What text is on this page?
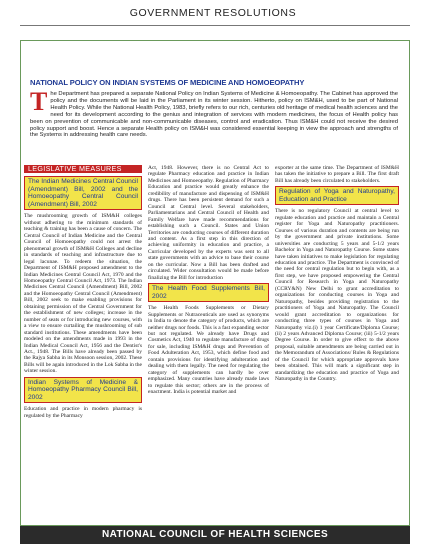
GOVERNMENT RESOLUTIONS
NATIONAL POLICY ON INDIAN SYSTEMS OF MEDICINE AND HOMOEOPATHY
The Department has prepared a separate National Policy on Indian Systems of Medicine & Homoeopathy. The Cabinet has approved the policy and the documents will be laid in the Parliament in its winter session. Hitherto, policy on ISM&H, used to be part of National Health Policy. While the National Health Policy, 1983, briefly refers to our rich, centuries old heritage of medical health sciences and the need for its development according to the genius and integration of services with modern medicines, the focus of Health policy has been on prevention of communicable and non-communicable diseases, control and eradication. Thus ISM&H could not receive the desired policy support and boost. Hence a separate Health policy on ISM&H was considered essential keeping in view the approach and strengths of the Systems in addressing health care needs.
LEGISLATIVE MEASURES
The Indian Medicines Central Council (Amendment) Bill, 2002 and the Homoeopathy Central Council (Amendment) Bill, 2002

The mushrooming growth of ISM&H colleges without adhering to the minimum standards of teaching & training has been a cause of concern. The Central Council of Indian Medicine and the Central Council of Homoeopathy could not arrest the phenomenal growth of ISM&H Colleges and decline in standards of teaching and infrastructure due to legal lacunae. To redeem the situation, the Department of ISM&H proposed amendment to the Indian Medicines Central Council Act, 1970 and the Homoeopathy Central Council Act, 1973. The Indian Medicines Central Council (Amendment) Bill, 2002 and the Homoeopathy Central Council (Amendment) Bill, 2002 seek to make enabling provisions for obtaining permission of the Central Government for the establishment of new colleges; increase in the number of seats or for introducing new courses, with a view to ensure curtailing the mushrooming of sub standard institutions. These amendments have been modeled on the amendments made in 1993 in the Indian Medical Council Act, 1956 and the Dentist's Act., 1948. The Bills have already been passed by the Rajya Sabha in its Monsoon session, 2002. These Bills will be again introduced in the Lok Sabha in the winter session.

Indian Systems of Medicine & Homoeopathy Pharmacy Council Bill, 2002

Education and practice in modern pharmacy is regulated by the Pharmacy

Act, 1948. However, there is no Central Act to regulate Pharmacy education and practice in Indian Medicines and Homoeopathy. Regulation of Pharmacy Education and practice would greatly enhance the credibility of manufacture and dispensing of ISM&H drugs. There has been persistent demand for such a Council at Central level. Several stakeholders, Parliamentarians and Central Council of Health and Family Welfare have made recommendations for establishing such a Council. States and Union Territories are conducting courses of different duration and content. As a first step in this direction of achieving uniformity in education and practice, a Curricular developed by the experts was sent to all state governments with an advice to base their course on the curricular. Now a Bill has been drafted and circulated. Wider consultation would be made before finalizing the Bill for introduction

The Health Food Supplements Bill, 2002

The Health Foods Supplements or Dietary Supplements or Nutraceuticals are used as synonyms in India to denote the category of products, which are neither drugs nor foods. This is a fast expanding sector but not regulated. We already have Drugs and Cosmetics Act, 1940 to regulate manufacture of drugs for sale, including ISM&H drugs and Prevention of Food Adulteration Act, 1953, which define food and contain provisions for identifying adulteration and dealing with them legally. The need for regulating the category of supplements can hardly be over emphasized. Many countries have already made laws to regulate this sector; others are in the process of enactment. India is potential market and

exporter at the same time. The Department of ISM&H has taken the initiative to prepare a Bill. The first draft Bill has already been circulated to stakeholders.

Regulation of Yoga and Naturopathy, Education and Practice

There is no regulatory Council at central level to regulate education and practice and maintain a Central register for Yoga and Naturopathy practitioners. Courses of various duration and contents are being run by the government and private institutions. Some universities are conducting 5 years and 5-1/2 years Bachelor in Yoga and Naturopathy Course. Some states have taken initiatives to make legislation for regulating education and practice. The Department is convinced of the need for central regulation but to begin with, as a first step, we have proposed empowering the Central Council for Research in Yoga and Naturopathy (CCRY&N) New Delhi to grant accreditation to organizations for conducting courses in Yoga and Naturopathy, besides providing registration to the practitioners of Yoga and Naturopathy. The Council would grant accreditation to organizations for conducting three types of courses in Yoga and Naturopathy viz.(i) 1 year Certificate/Diploma Course; (ii) 2 years Advanced Diploma Course; (iii) 5-1/2 years Degree Course. In order to give effect to the above proposal, suitable amendments are being carried out in the Memorandum of Associations/ Rules & Regulations of the Council for which appropriate approvals have been obtained. This will mark a significant step in standardizing the education and practice of Yoga and Naturopathy in the Country.

NATIONAL COUNCIL OF HEALTH SCIENCES
